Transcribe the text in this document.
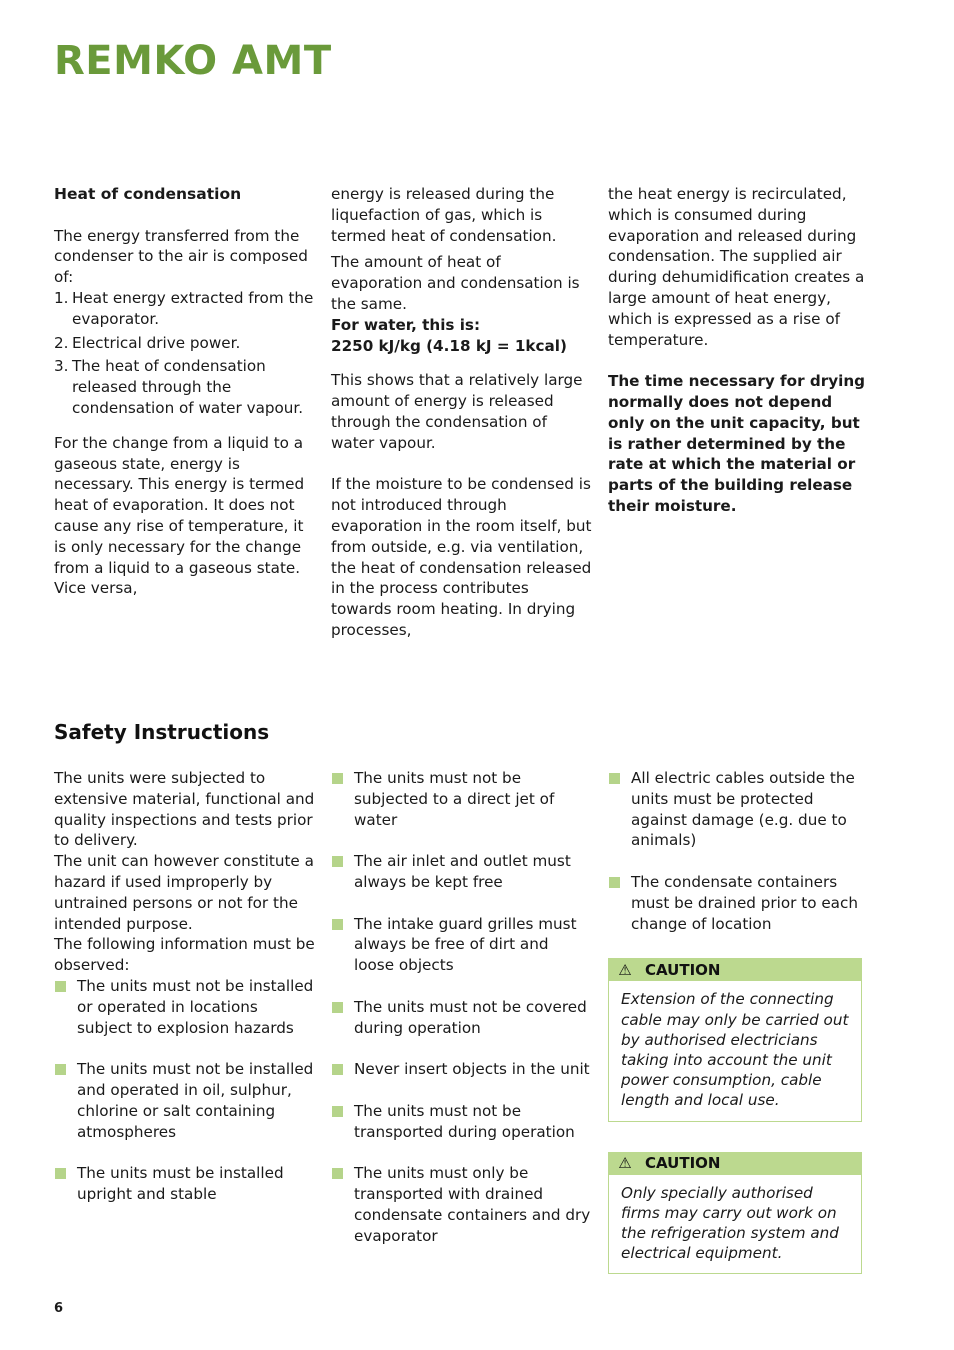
REMKO AMT

Heat of condensation

The energy transferred from the condenser to the air is composed of:

1. Heat energy extracted from the evaporator.
2. Electrical drive power.
3. The heat of condensation released through the condensation of water vapour.

For the change from a liquid to a gaseous state, energy is necessary. This energy is termed heat of evaporation. It does not cause any rise of temperature, it is only necessary for the change from a liquid to a gaseous state. Vice versa,

energy is released during the liquefaction of gas, which is termed heat of condensation.

The amount of heat of evaporation and condensation is the same.

For water, this is:

2250 kJ/kg (4.18 kJ = 1kcal)

This shows that a relatively large amount of energy is released through the condensation of water vapour.

If the moisture to be condensed is not introduced through evaporation in the room itself, but from outside, e.g. via ventilation, the heat of condensation released in the process contributes towards room heating. In drying processes,

the heat energy is recirculated, which is consumed during evaporation and released during condensation. The supplied air during dehumidification creates a large amount of heat energy, which is expressed as a rise of temperature.

The time necessary for drying normally does not depend only on the unit capacity, but is rather determined by the rate at which the material or parts of the building release their moisture.

Safety Instructions

The units were subjected to extensive material, functional and quality inspections and tests prior to delivery.

The unit can however constitute a hazard if used improperly by untrained persons or not for the intended purpose.

The following information must be observed:

The units must not be installed or operated in locations subject to explosion hazards
The units must not be installed and operated in oil, sulphur, chlorine or salt containing atmospheres
The units must be installed upright and stable
The units must not be subjected to a direct jet of water
The air inlet and outlet must always be kept free
The intake guard grilles must always be free of dirt and loose objects
The units must not be covered during operation
Never insert objects in the unit
The units must not be transported during operation
The units must only be transported with drained condensate containers and dry evaporator
All electric cables outside the units must be protected against damage (e.g. due to animals)
The condensate containers must be drained prior to each change of location
⚠ CAUTION
Extension of the connecting cable may only be carried out by authorised electricians taking into account the unit power consumption, cable length and local use.
⚠ CAUTION
Only specially authorised firms may carry out work on the refrigeration system and electrical equipment.
6
